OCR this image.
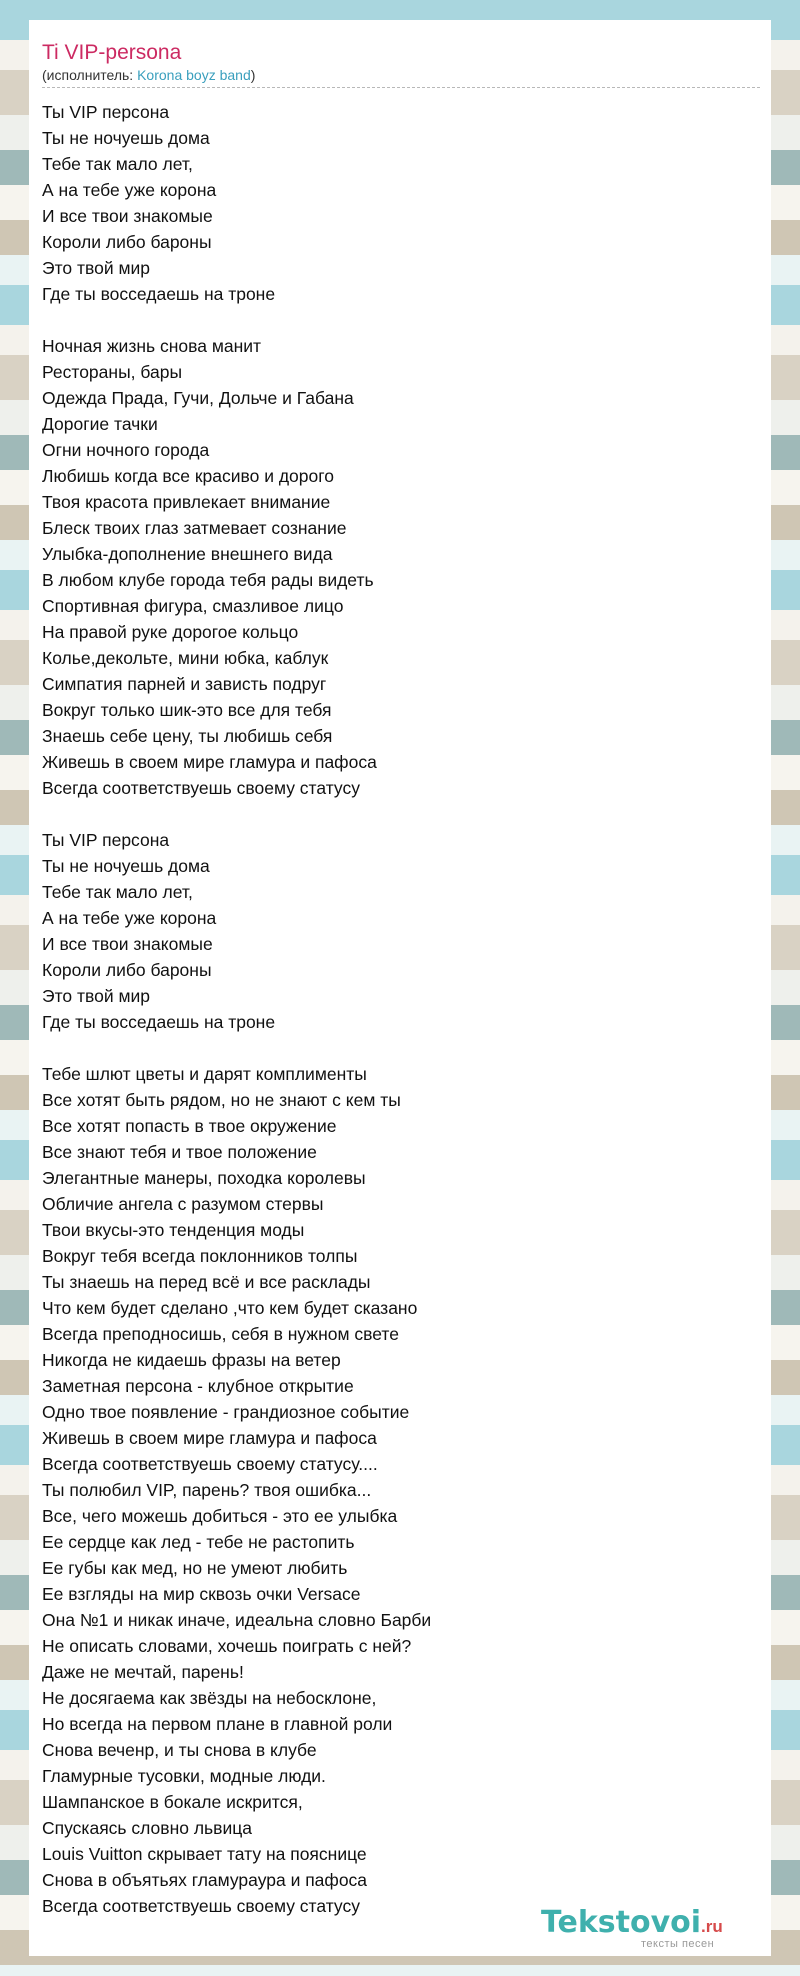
Ti VIP-persona
(исполнитель: Korona boyz band)
Ты VIP персона
Ты не ночуешь дома
Тебе так мало лет,
А на тебе уже корона
И все твои знакомые
Короли либо бароны
Это твой мир
Где ты восседаешь на троне
Ночная жизнь снова манит
Рестораны, бары
Одежда Прада, Гучи, Дольче и Габана
Дорогие тачки
Огни ночного города
Любишь когда все красиво и дорого
Твоя красота привлекает внимание
Блеск твоих глаз затмевает сознание
Улыбка-дополнение внешнего вида
В любом клубе города тебя рады видеть
Спортивная фигура, смазливое лицо
На правой руке дорогое кольцо
Колье,декольте, мини юбка, каблук
Симпатия парней и зависть подруг
Вокруг только шик-это все для тебя
Знаешь себе цену, ты любишь себя
Живешь в своем мире гламура и пафоса
Всегда соответствуешь своему статусу
Ты VIP персона
Ты не ночуешь дома
Тебе так мало лет,
А на тебе уже корона
И все твои знакомые
Короли либо бароны
Это твой мир
Где ты восседаешь на троне
Тебе шлют цветы и дарят комплименты
Все хотят быть рядом, но не знают с кем ты
Все хотят попасть в твое окружение
Все знают тебя и твое положение
Элегантные манеры, походка королевы
Обличие ангела с разумом стервы
Твои вкусы-это тенденция моды
Вокруг тебя всегда поклонников толпы
Ты знаешь на перед всё и все расклады
Что кем будет сделано ,что кем будет сказано
Всегда преподносишь, себя в нужном свете
Никогда не кидаешь фразы на ветер
Заметная персона - клубное открытие
Одно твое появление - грандиозное событие
Живешь в своем мире гламура и пафоса
Всегда соответствуешь своему статусу....
Ты полюбил VIP, парень? твоя ошибка...
Все, чего можешь добиться - это ее улыбка
Ее сердце как лед - тебе не растопить
Ее губы как мед, но не умеют любить
Ее взгляды на мир сквозь очки Versace
Она №1 и никак иначе, идеальна словно Барби
Не описать словами, хочешь поиграть с ней?
Даже не мечтай, парень!
Не досягаема как звёзды на небосклоне,
Но всегда на первом плане в главной роли
Снова веченр, и ты снова в клубе
Гламурные тусовки, модные люди.
Шампанское в бокале искрится,
Спускаясь словно львица
Louis Vuitton скрывает тату на пояснице
Снова в объятьях гламураура и пафоса
Всегда соответствуешь своему статусу	Tekstovoi.ru
тексты песен
